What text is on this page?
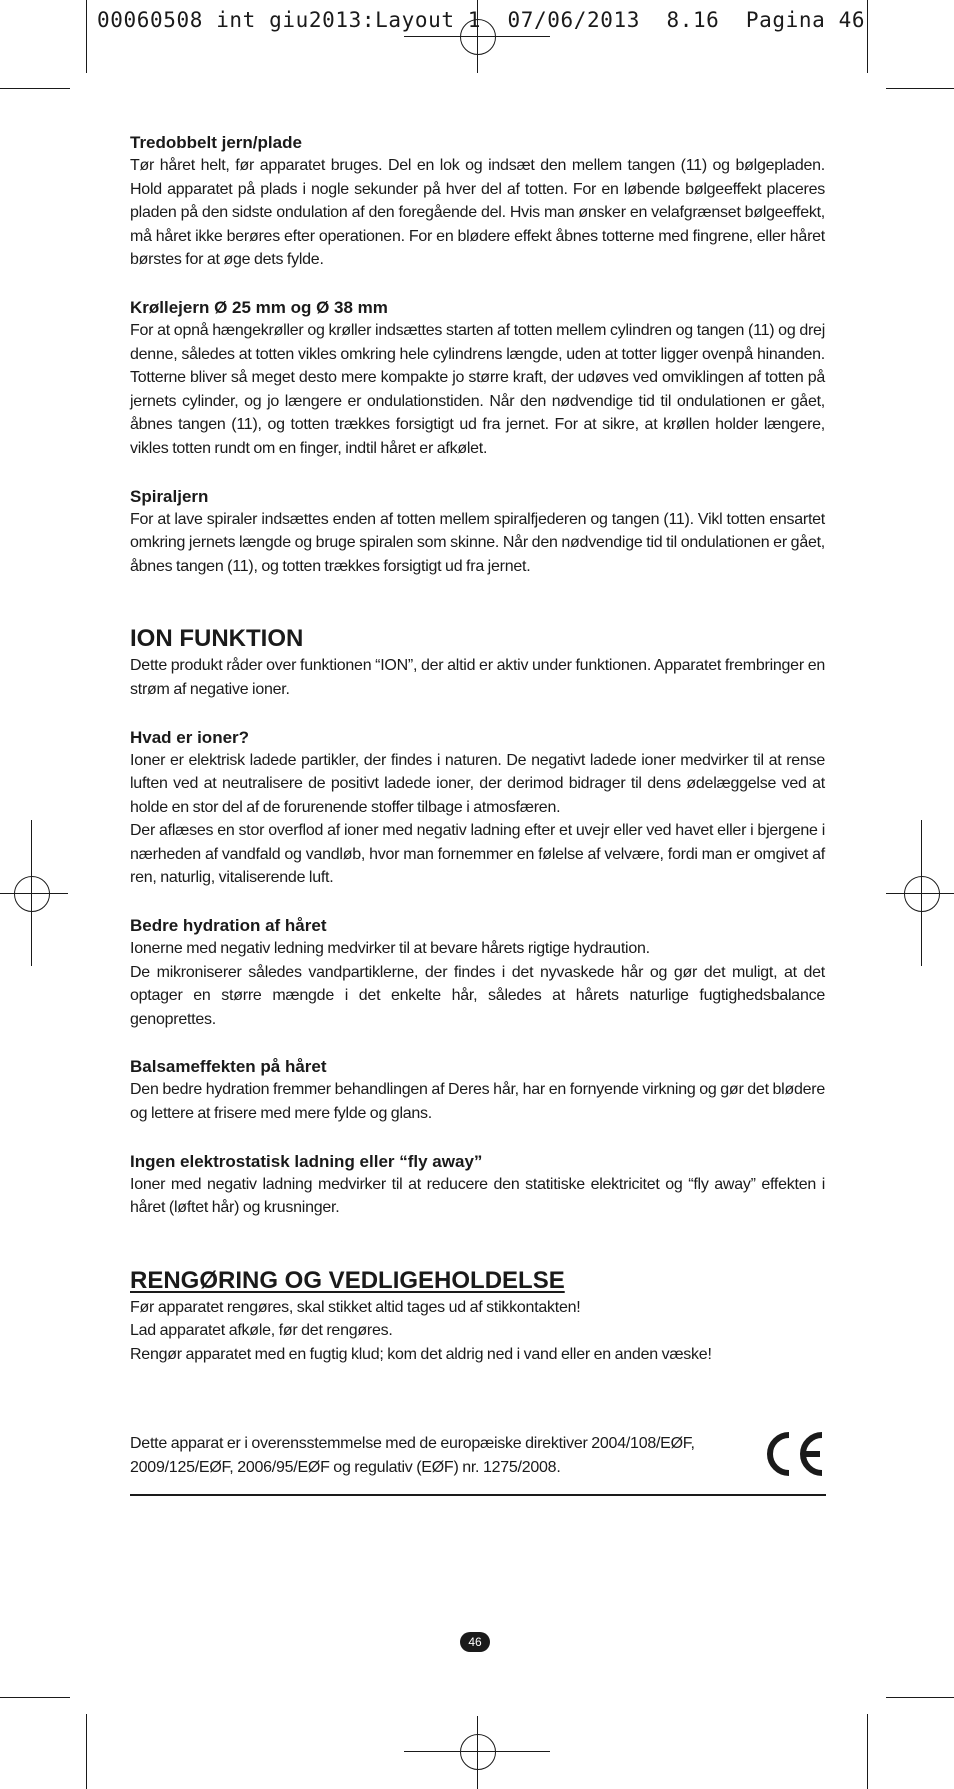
00060508 int giu2013:Layout 1  07/06/2013  8.16  Pagina 46

Tredobbelt jern/plade

Tør håret helt, før apparatet bruges. Del en lok og indsæt den mellem tangen (11) og bølgepladen. Hold apparatet på plads i nogle sekunder på hver del af totten. For en løbende bølgeeffekt placeres pladen på den sidste ondulation af den foregående del. Hvis man ønsker en velafgrænset bølgeeffekt, må håret ikke berøres efter operationen. For en blødere effekt åbnes totterne med fingrene, eller håret børstes for at øge dets fylde.

Krøllejern Ø 25 mm og Ø 38 mm

For at opnå hængekrøller og krøller indsættes starten af totten mellem cylindren og tangen (11) og drej denne, således at totten vikles omkring hele cylindrens længde, uden at totter ligger ovenpå hinanden. Totterne bliver så meget desto mere kompakte jo større kraft, der udøves ved omviklingen af totten på jernets cylinder, og jo længere er ondulationstiden. Når den nødvendige tid til ondulationen er gået, åbnes tangen (11), og totten trækkes forsigtigt ud fra jernet. For at sikre, at krøllen holder længere, vikles totten rundt om en finger, indtil håret er afkølet.

Spiraljern

For at lave spiraler indsættes enden af totten mellem spiralfjederen og tangen (11). Vikl totten ensartet omkring jernets længde og bruge spiralen som skinne. Når den nødvendige tid til ondulationen er gået, åbnes tangen (11), og totten trækkes forsigtigt ud fra jernet.

ION FUNKTION

Dette produkt råder over funktionen “ION”, der altid er aktiv under funktionen. Apparatet frembringer en strøm af negative ioner.

Hvad er ioner?

Ioner er elektrisk ladede partikler, der findes i naturen. De negativt ladede ioner medvirker til at rense luften ved at neutralisere de positivt ladede ioner, der derimod bidrager til dens ødelæggelse ved at holde en stor del af de forurenende stoffer tilbage i atmosfæren.

Der aflæses en stor overflod af ioner med negativ ladning efter et uvejr eller ved havet eller i bjergene i nærheden af vandfald og vandløb, hvor man fornemmer en følelse af velvære, fordi man er omgivet af ren, naturlig, vitaliserende luft.

Bedre hydration af håret

Ionerne med negativ ledning medvirker til at bevare hårets rigtige hydraution.

De mikroniserer således vandpartiklerne, der findes i det nyvaskede hår og gør det muligt, at det optager en større mængde i det enkelte hår, således at hårets naturlige fugtighedsbalance genoprettes.

Balsameffekten på håret

Den bedre hydration fremmer behandlingen af Deres hår, har en fornyende virkning og gør det blødere og lettere at frisere med mere fylde og glans.

Ingen elektrostatisk ladning eller “fly away”

Ioner med negativ ladning medvirker til at reducere den statitiske elektricitet og “fly away” effekten i håret (løftet hår) og krusninger.

RENGØRING OG VEDLIGEHOLDELSE

Før apparatet rengøres, skal stikket altid tages ud af stikkontakten!

Lad apparatet afkøle, før det rengøres.

Rengør apparatet med en fugtig klud; kom det aldrig ned i vand eller en anden væske!

Dette apparat er i overensstemmelse med de europæiske direktiver 2004/108/EØF,

2009/125/EØF, 2006/95/EØF og regulativ (EØF) nr. 1275/2008.

46
